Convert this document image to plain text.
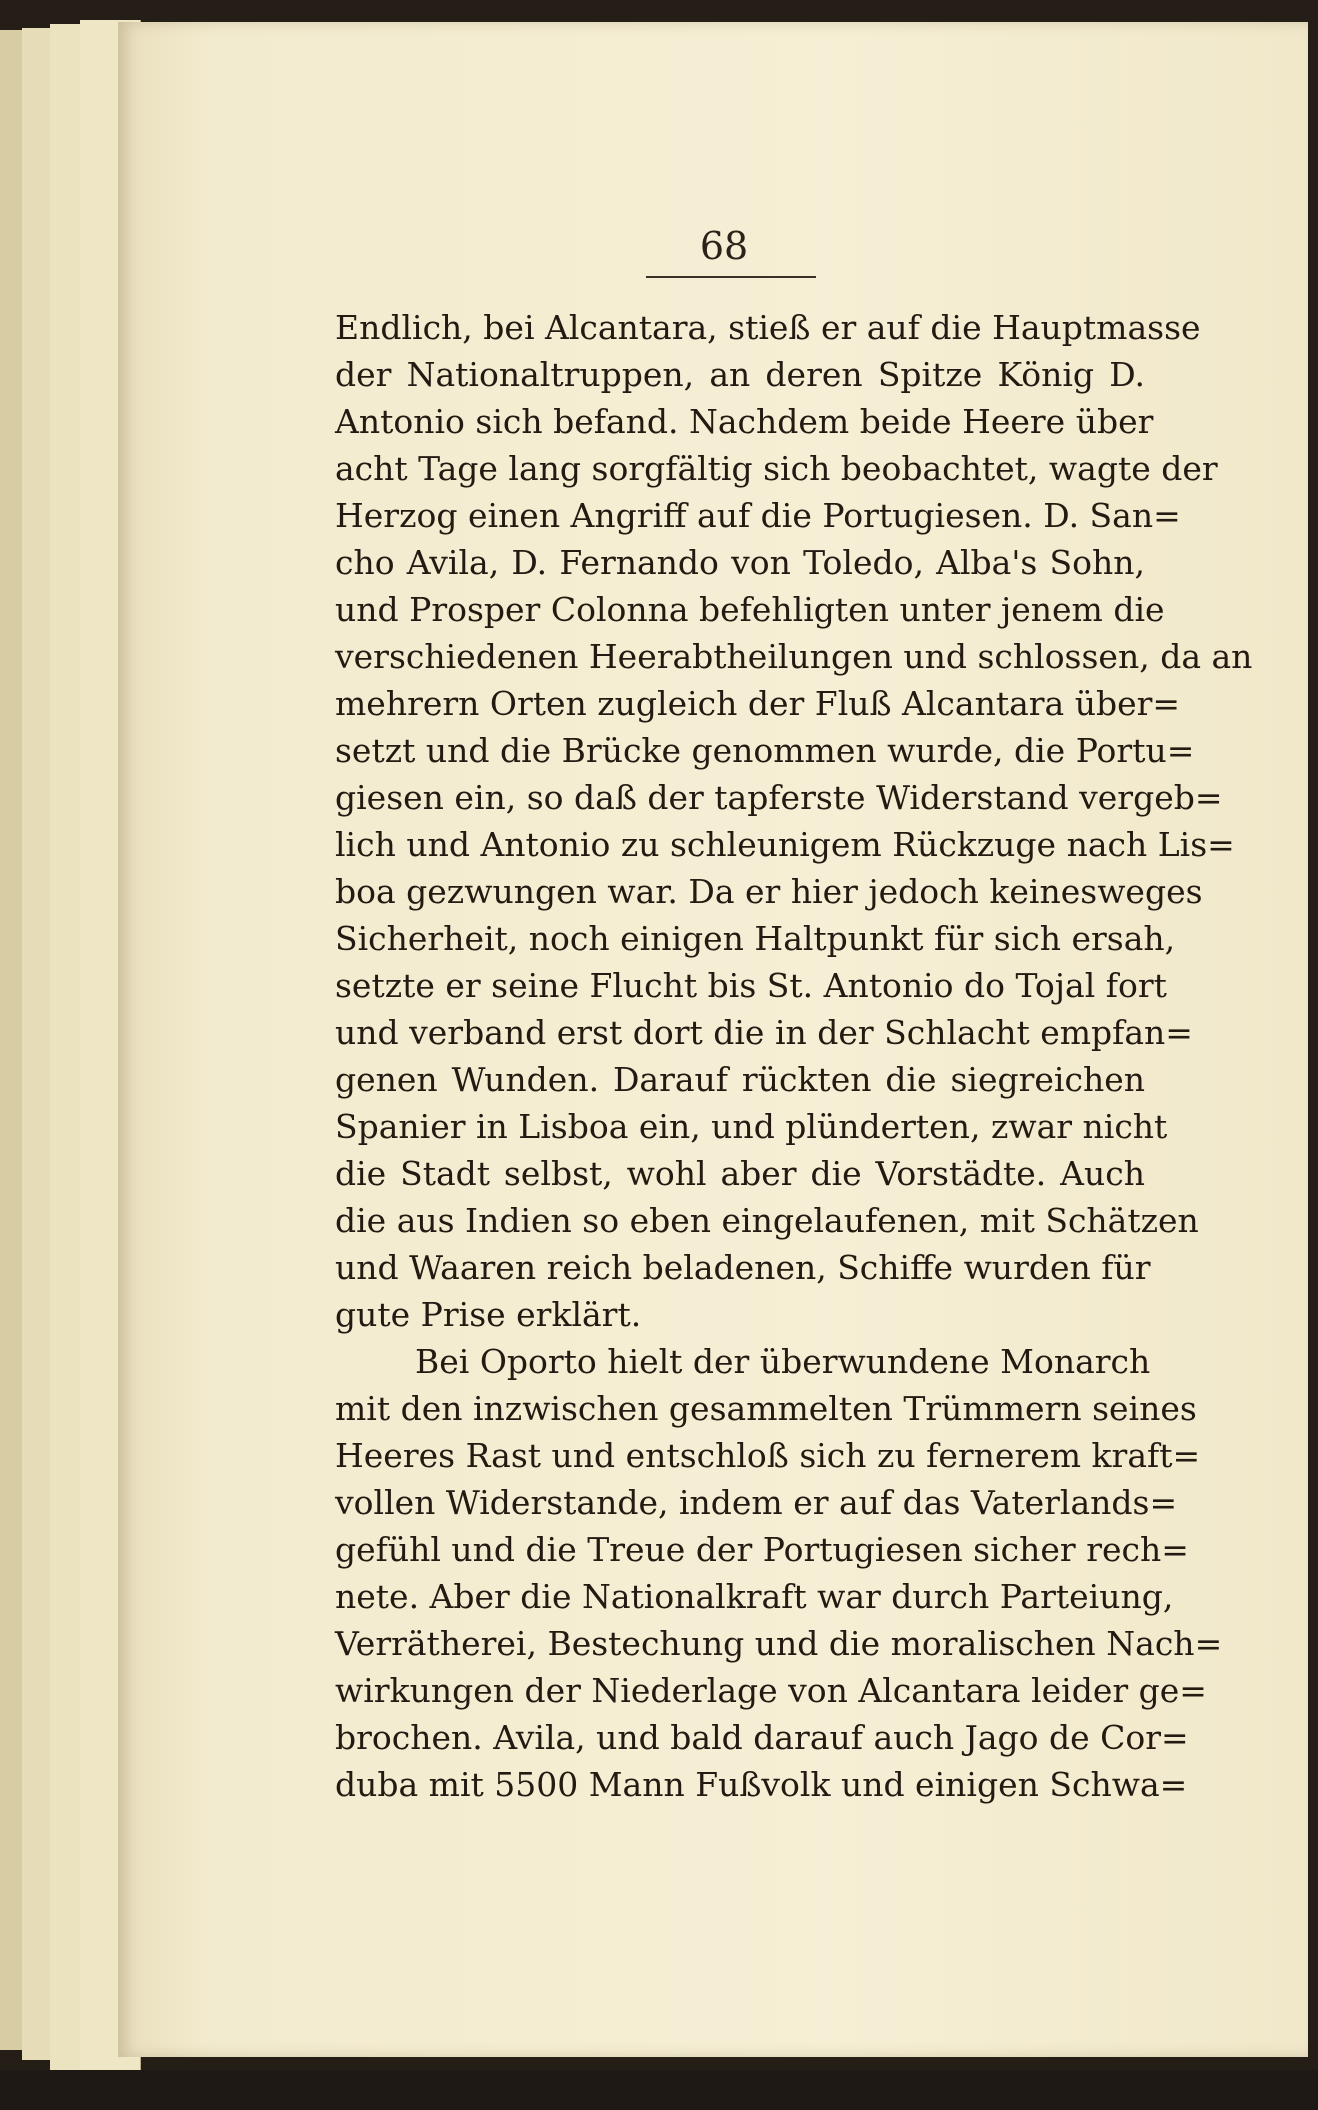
68
Endlich, bei Alcantara, stieß er auf die Hauptmasse
der Nationaltruppen, an deren Spitze König D.
Antonio sich befand. Nachdem beide Heere über
acht Tage lang sorgfältig sich beobachtet, wagte der
Herzog einen Angriff auf die Portugiesen. D. San=
cho Avila, D. Fernando von Toledo, Alba's Sohn,
und Prosper Colonna befehligten unter jenem die
verschiedenen Heerabtheilungen und schlossen, da an
mehrern Orten zugleich der Fluß Alcantara über=
setzt und die Brücke genommen wurde, die Portu=
giesen ein, so daß der tapferste Widerstand vergeb=
lich und Antonio zu schleunigem Rückzuge nach Lis=
boa gezwungen war. Da er hier jedoch keinesweges
Sicherheit, noch einigen Haltpunkt für sich ersah,
setzte er seine Flucht bis St. Antonio do Tojal fort
und verband erst dort die in der Schlacht empfan=
genen Wunden. Darauf rückten die siegreichen
Spanier in Lisboa ein, und plünderten, zwar nicht
die Stadt selbst, wohl aber die Vorstädte. Auch
die aus Indien so eben eingelaufenen, mit Schätzen
und Waaren reich beladenen, Schiffe wurden für
gute Prise erklärt.
Bei Oporto hielt der überwundene Monarch
mit den inzwischen gesammelten Trümmern seines
Heeres Rast und entschloß sich zu fernerem kraft=
vollen Widerstande, indem er auf das Vaterlands=
gefühl und die Treue der Portugiesen sicher rech=
nete. Aber die Nationalkraft war durch Parteiung,
Verrätherei, Bestechung und die moralischen Nach=
wirkungen der Niederlage von Alcantara leider ge=
brochen. Avila, und bald darauf auch Jago de Cor=
duba mit 5500 Mann Fußvolk und einigen Schwa=
